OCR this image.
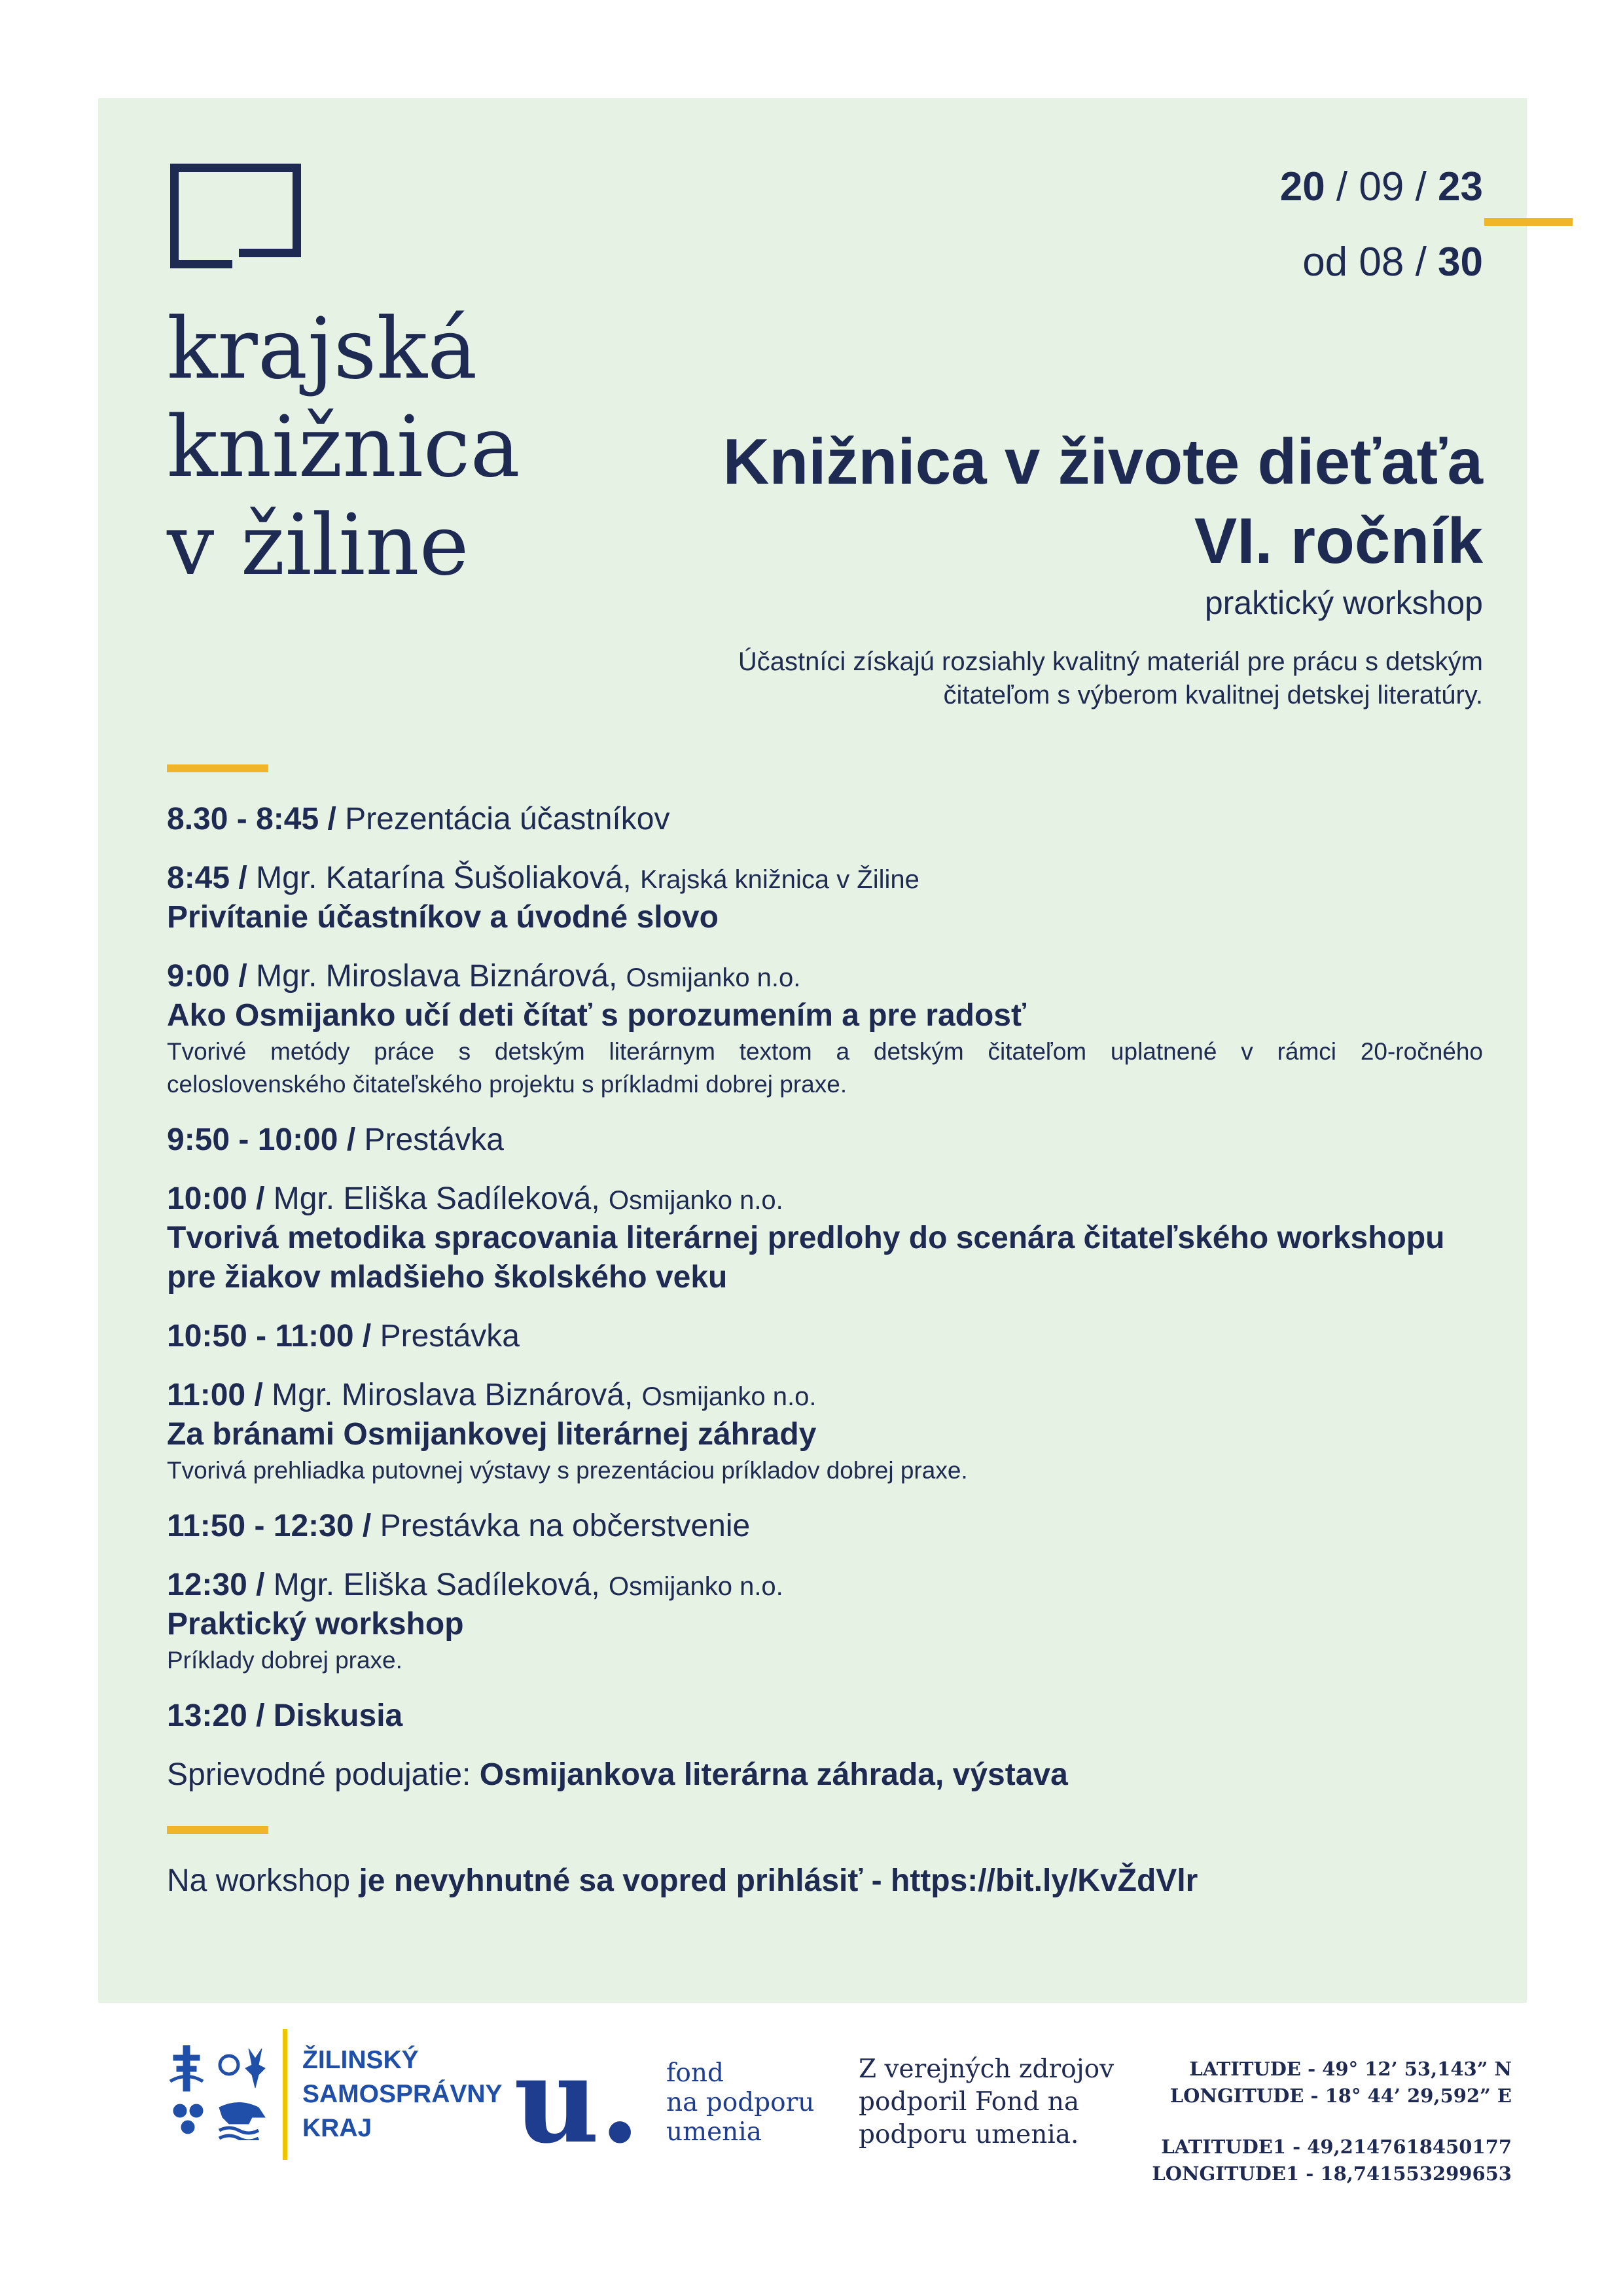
krajská
knižnica
v žiline
20 / 09 / 23
od 08 / 30
Knižnica v živote dieťaťa
VI. ročník
praktický workshop
Účastníci získajú rozsiahly kvalitný materiál pre prácu s detským
čitateľom s výberom kvalitnej detskej literatúry.
8.30 - 8:45 / Prezentácia účastníkov
8:45 / Mgr. Katarína Šušoliaková, Krajská knižnica v Žiline
Privítanie účastníkov a úvodné slovo
9:00 / Mgr. Miroslava Biznárová, Osmijanko n.o.
Ako Osmijanko učí deti čítať s porozumením a pre radosť
Tvorivé metódy práce s detským literárnym textom a detským čitateľom uplatnené v rámci 20-ročného
celoslovenského čitateľského projektu s príkladmi dobrej praxe.
9:50 - 10:00 / Prestávka
10:00 / Mgr. Eliška Sadíleková, Osmijanko n.o.
Tvorivá metodika spracovania literárnej predlohy do scenára čitateľského workshopu
pre žiakov mladšieho školského veku
10:50 - 11:00 / Prestávka
11:00 / Mgr. Miroslava Biznárová, Osmijanko n.o.
Za bránami Osmijankovej literárnej záhrady
Tvorivá prehliadka putovnej výstavy s prezentáciou príkladov dobrej praxe.
11:50 - 12:30 / Prestávka na občerstvenie
12:30 / Mgr. Eliška Sadíleková, Osmijanko n.o.
Praktický workshop
Príklady dobrej praxe.
13:20 / Diskusia
Sprievodné podujatie: Osmijankova literárna záhrada, výstava
Na workshop je nevyhnutné sa vopred prihlásiť - https://bit.ly/KvŽdVlr
ŽILINSKÝ
SAMOSPRÁVNY
KRAJ u. fond
na podporu
umenia
Z verejných zdrojov
podporil Fond na
podporu umenia.
LATITUDE - 49° 12’ 53,143” N
LONGITUDE - 18° 44’ 29,592” E
LATITUDE1 - 49,2147618450177
LONGITUDE1 - 18,741553299653
